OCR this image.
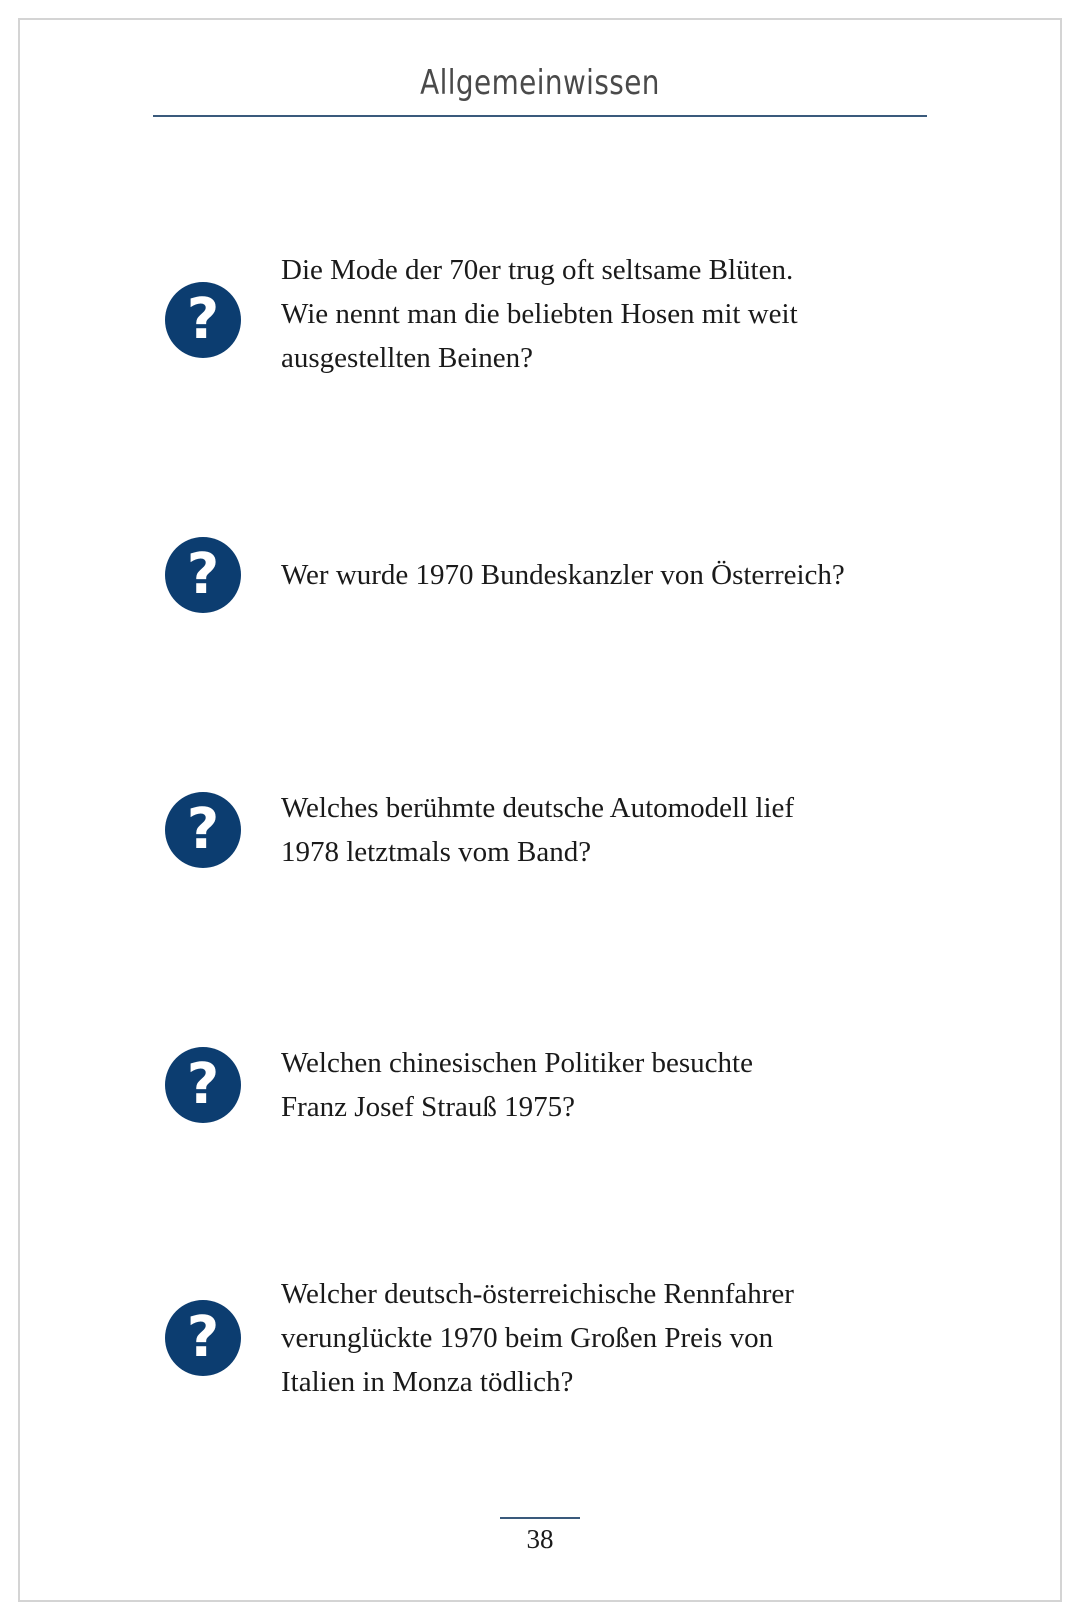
Allgemeinwissen
?
Die Mode der 70er trug oft seltsame Blüten.
Wie nennt man die beliebten Hosen mit weit
ausgestellten Beinen?
?	Wer wurde 1970 Bundeskanzler von Österreich?
?	Welches berühmte deutsche Automodell lief
1978 letztmals vom Band?
?	Welchen chinesischen Politiker besuchte
Franz Josef Strauß 1975?
?
Welcher deutsch-österreichische Rennfahrer
verunglückte 1970 beim Großen Preis von
Italien in Monza tödlich?
38
